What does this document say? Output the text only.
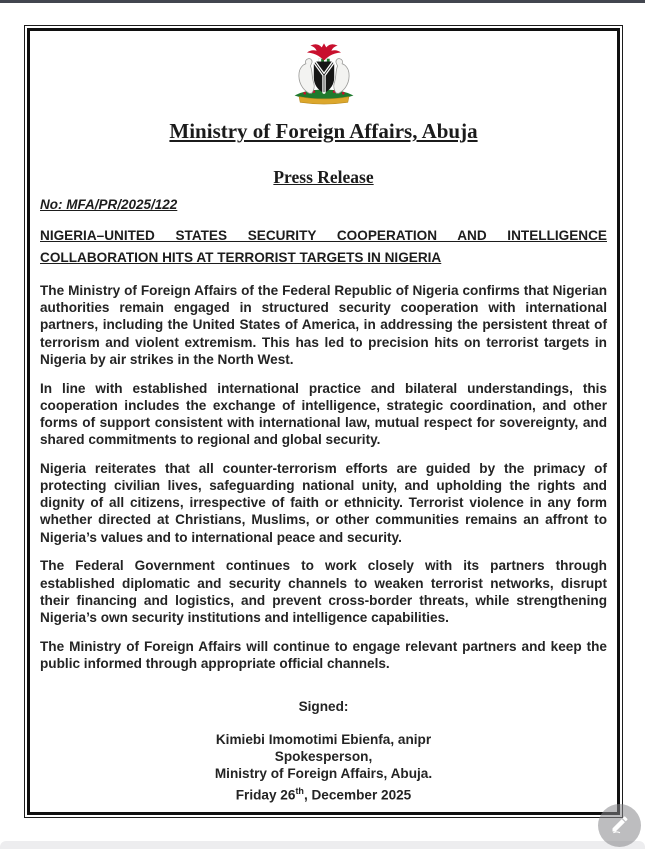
Ministry of Foreign Affairs, Abuja
Press Release
No: MFA/PR/2025/122
NIGERIA–UNITED STATES SECURITY COOPERATION AND INTELLIGENCE COLLABORATION HITS AT TERRORIST TARGETS IN NIGERIA

The Ministry of Foreign Affairs of the Federal Republic of Nigeria confirms that Nigerian authorities remain engaged in structured security cooperation with international partners, including the United States of America, in addressing the persistent threat of terrorism and violent extremism. This has led to precision hits on terrorist targets in Nigeria by air strikes in the North West.

In line with established international practice and bilateral understandings, this cooperation includes the exchange of intelligence, strategic coordination, and other forms of support consistent with international law, mutual respect for sovereignty, and shared commitments to regional and global security.

Nigeria reiterates that all counter-terrorism efforts are guided by the primacy of protecting civilian lives, safeguarding national unity, and upholding the rights and dignity of all citizens, irrespective of faith or ethnicity. Terrorist violence in any form whether directed at Christians, Muslims, or other communities remains an affront to Nigeria’s values and to international peace and security.

The Federal Government continues to work closely with its partners through established diplomatic and security channels to weaken terrorist networks, disrupt their financing and logistics, and prevent cross-border threats, while strengthening Nigeria’s own security institutions and intelligence capabilities.

The Ministry of Foreign Affairs will continue to engage relevant partners and keep the public informed through appropriate official channels.

Signed:
Kimiebi Imomotimi Ebienfa, anipr
Spokesperson,
Ministry of Foreign Affairs, Abuja.
Friday 26th, December 2025
